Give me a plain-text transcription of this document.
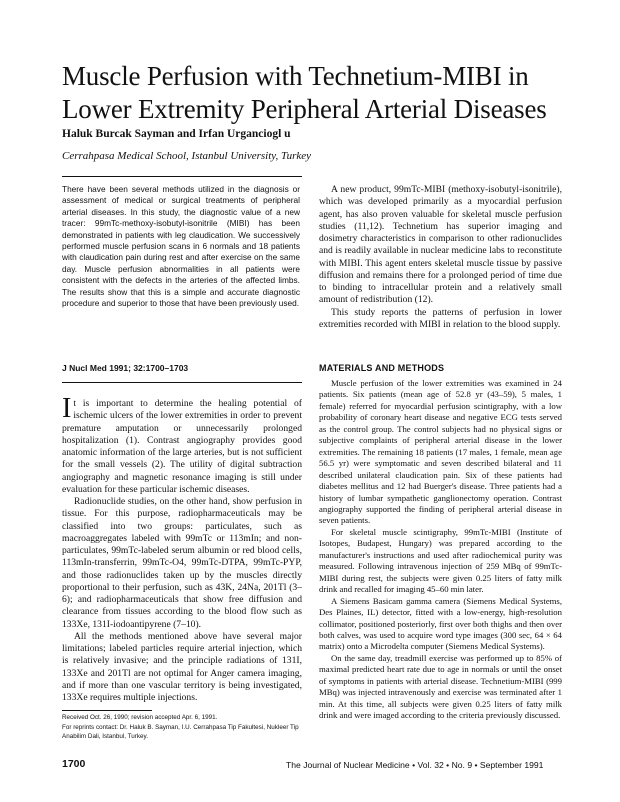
Muscle Perfusion with Technetium-MIBI in Lower Extremity Peripheral Arterial Diseases
Haluk Burcak Sayman and Irfan Urganciogl u
Cerrahpasa Medical School, Istanbul University, Turkey

There have been several methods utilized in the diagnosis or assessment of medical or surgical treatments of peripheral arterial diseases. In this study, the diagnostic value of a new tracer: 99mTc-methoxy-isobutyl-isonitrile (MIBI) has been demonstrated in patients with leg claudication. We successively performed muscle perfusion scans in 6 normals and 18 patients with claudication pain during rest and after exercise on the same day. Muscle perfusion abnormalities in all patients were consistent with the defects in the arteries of the affected limbs. The results show that this is a simple and accurate diagnostic procedure and superior to those that have been previously used.

J Nucl Med 1991; 32:1700–1703

It is important to determine the healing potential of ischemic ulcers of the lower extremities in order to prevent premature amputation or unnecessarily prolonged hospitalization (1). Contrast angiography provides good anatomic information of the large arteries, but is not sufficient for the small vessels (2). The utility of digital subtraction angiography and magnetic resonance imaging is still under evaluation for these particular ischemic diseases.

Radionuclide studies, on the other hand, show perfusion in tissue. For this purpose, radiopharmaceuticals may be classified into two groups: particulates, such as macroaggregates labeled with 99mTc or 113mIn; and non-particulates, 99mTc-labeled serum albumin or red blood cells, 113mIn-transferrin, 99mTc-O4, 99mTc-DTPA, 99mTc-PYP, and those radionuclides taken up by the muscles directly proportional to their perfusion, such as 43K, 24Na, 201Tl (3–6); and radiopharmaceuticals that show free diffusion and clearance from tissues according to the blood flow such as 133Xe, 131I-iodoantipyrene (7–10).

All the methods mentioned above have several major limitations; labeled particles require arterial injection, which is relatively invasive; and the principle radiations of 131I, 133Xe and 201Tl are not optimal for Anger camera imaging, and if more than one vascular territory is being investigated, 133Xe requires multiple injections.

Received Oct. 26, 1990; revision accepted Apr. 6, 1991.

For reprints contact: Dr. Haluk B. Sayman, I.U. Cerrahpasa Tip Fakultesi, Nukleer Tip Anabilim Dali, Istanbul, Turkey.

A new product, 99mTc-MIBI (methoxy-isobutyl-isonitrile), which was developed primarily as a myocardial perfusion agent, has also proven valuable for skeletal muscle perfusion studies (11,12). Technetium has superior imaging and dosimetry characteristics in comparison to other radionuclides and is readily available in nuclear medicine labs to reconstitute with MIBI. This agent enters skeletal muscle tissue by passive diffusion and remains there for a prolonged period of time due to binding to intracellular protein and a relatively small amount of redistribution (12).

This study reports the patterns of perfusion in lower extremities recorded with MIBI in relation to the blood supply.

MATERIALS AND METHODS

Muscle perfusion of the lower extremities was examined in 24 patients. Six patients (mean age of 52.8 yr (43–59), 5 males, 1 female) referred for myocardial perfusion scintigraphy, with a low probability of coronary heart disease and negative ECG tests served as the control group. The control subjects had no physical signs or subjective complaints of peripheral arterial disease in the lower extremities. The remaining 18 patients (17 males, 1 female, mean age 56.5 yr) were symptomatic and seven described bilateral and 11 described unilateral claudication pain. Six of these patients had diabetes mellitus and 12 had Buerger's disease. Three patients had a history of lumbar sympathetic ganglionectomy operation. Contrast angiography supported the finding of peripheral arterial disease in seven patients.

For skeletal muscle scintigraphy, 99mTc-MIBI (Institute of Isotopes, Budapest, Hungary) was prepared according to the manufacturer's instructions and used after radiochemical purity was measured. Following intravenous injection of 259 MBq of 99mTc-MIBI during rest, the subjects were given 0.25 liters of fatty milk drink and recalled for imaging 45–60 min later.

A Siemens Basicam gamma camera (Siemens Medical Systems, Des Plaines, IL) detector, fitted with a low-energy, high-resolution collimator, positioned posteriorly, first over both thighs and then over both calves, was used to acquire word type images (300 sec, 64 × 64 matrix) onto a Microdelta computer (Siemens Medical Systems).

On the same day, treadmill exercise was performed up to 85% of maximal predicted heart rate due to age in normals or until the onset of symptoms in patients with arterial disease. Technetium-MIBI (999 MBq) was injected intravenously and exercise was terminated after 1 min. At this time, all subjects were given 0.25 liters of fatty milk drink and were imaged according to the criteria previously discussed.

1700	The Journal of Nuclear Medicine • Vol. 32 • No. 9 • September 1991
